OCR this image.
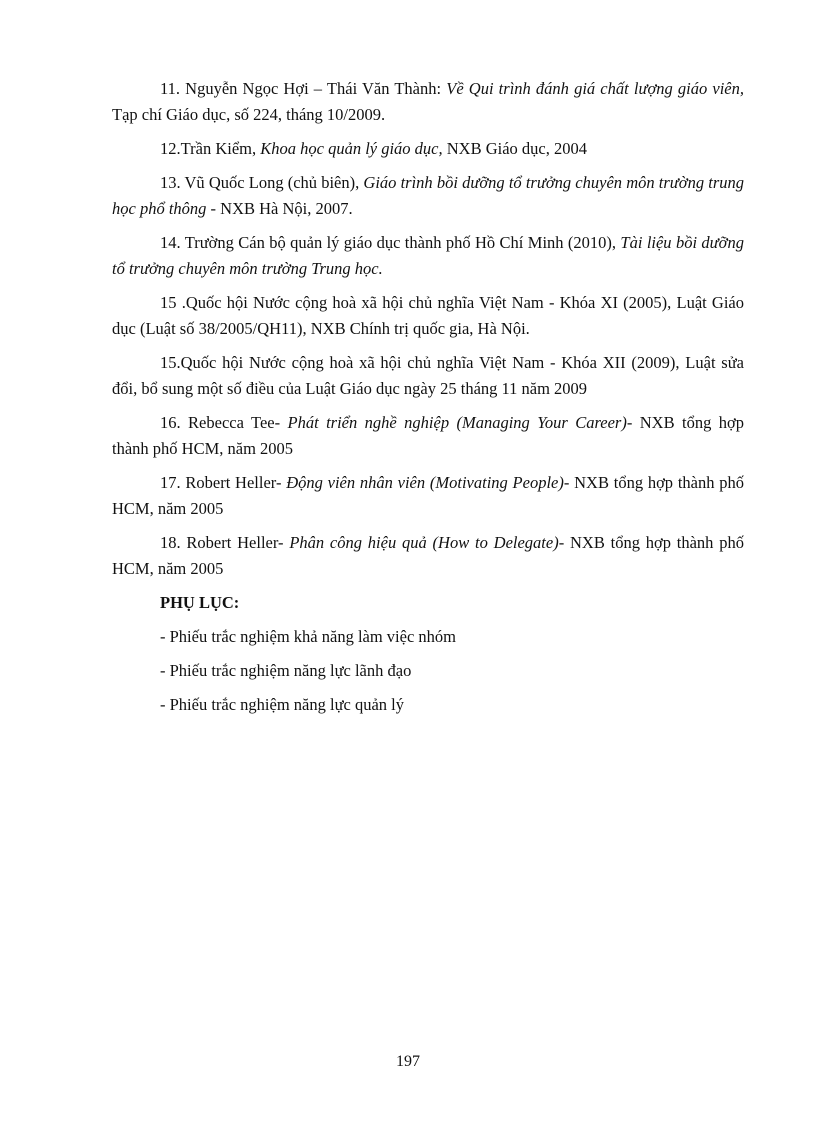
11. Nguyễn Ngọc Hợi – Thái Văn Thành: Về Qui trình đánh giá chất lượng giáo viên, Tạp chí Giáo dục, số 224, tháng 10/2009.

12.Trần Kiểm, Khoa học quản lý giáo dục, NXB Giáo dục, 2004

13. Vũ Quốc Long (chủ biên), Giáo trình bồi dưỡng tổ trưởng chuyên môn trường trung học phổ thông - NXB Hà Nội, 2007.

14. Trường Cán bộ quản lý giáo dục thành phố Hồ Chí Minh (2010), Tài liệu bồi dưỡng tổ trưởng chuyên môn trường Trung học.

15 .Quốc hội Nước cộng hoà xã hội chủ nghĩa Việt Nam - Khóa XI (2005), Luật Giáo dục (Luật số 38/2005/QH11), NXB Chính trị quốc gia, Hà Nội.

15.Quốc hội Nước cộng hoà xã hội chủ nghĩa Việt Nam - Khóa XII (2009), Luật sửa đổi, bổ sung một số điều của Luật Giáo dục ngày 25 tháng 11 năm 2009

16. Rebecca Tee- Phát triển nghề nghiệp (Managing Your Career)- NXB tổng hợp thành phố HCM, năm 2005

17. Robert Heller- Động viên nhân viên (Motivating People)- NXB tổng hợp thành phố HCM, năm 2005

18. Robert Heller- Phân công hiệu quả (How to Delegate)- NXB tổng hợp thành phố HCM, năm 2005

PHỤ LỤC:
- Phiếu trắc nghiệm khả năng làm việc nhóm
- Phiếu trắc nghiệm năng lực lãnh đạo
- Phiếu trắc nghiệm năng lực quản lý
197
